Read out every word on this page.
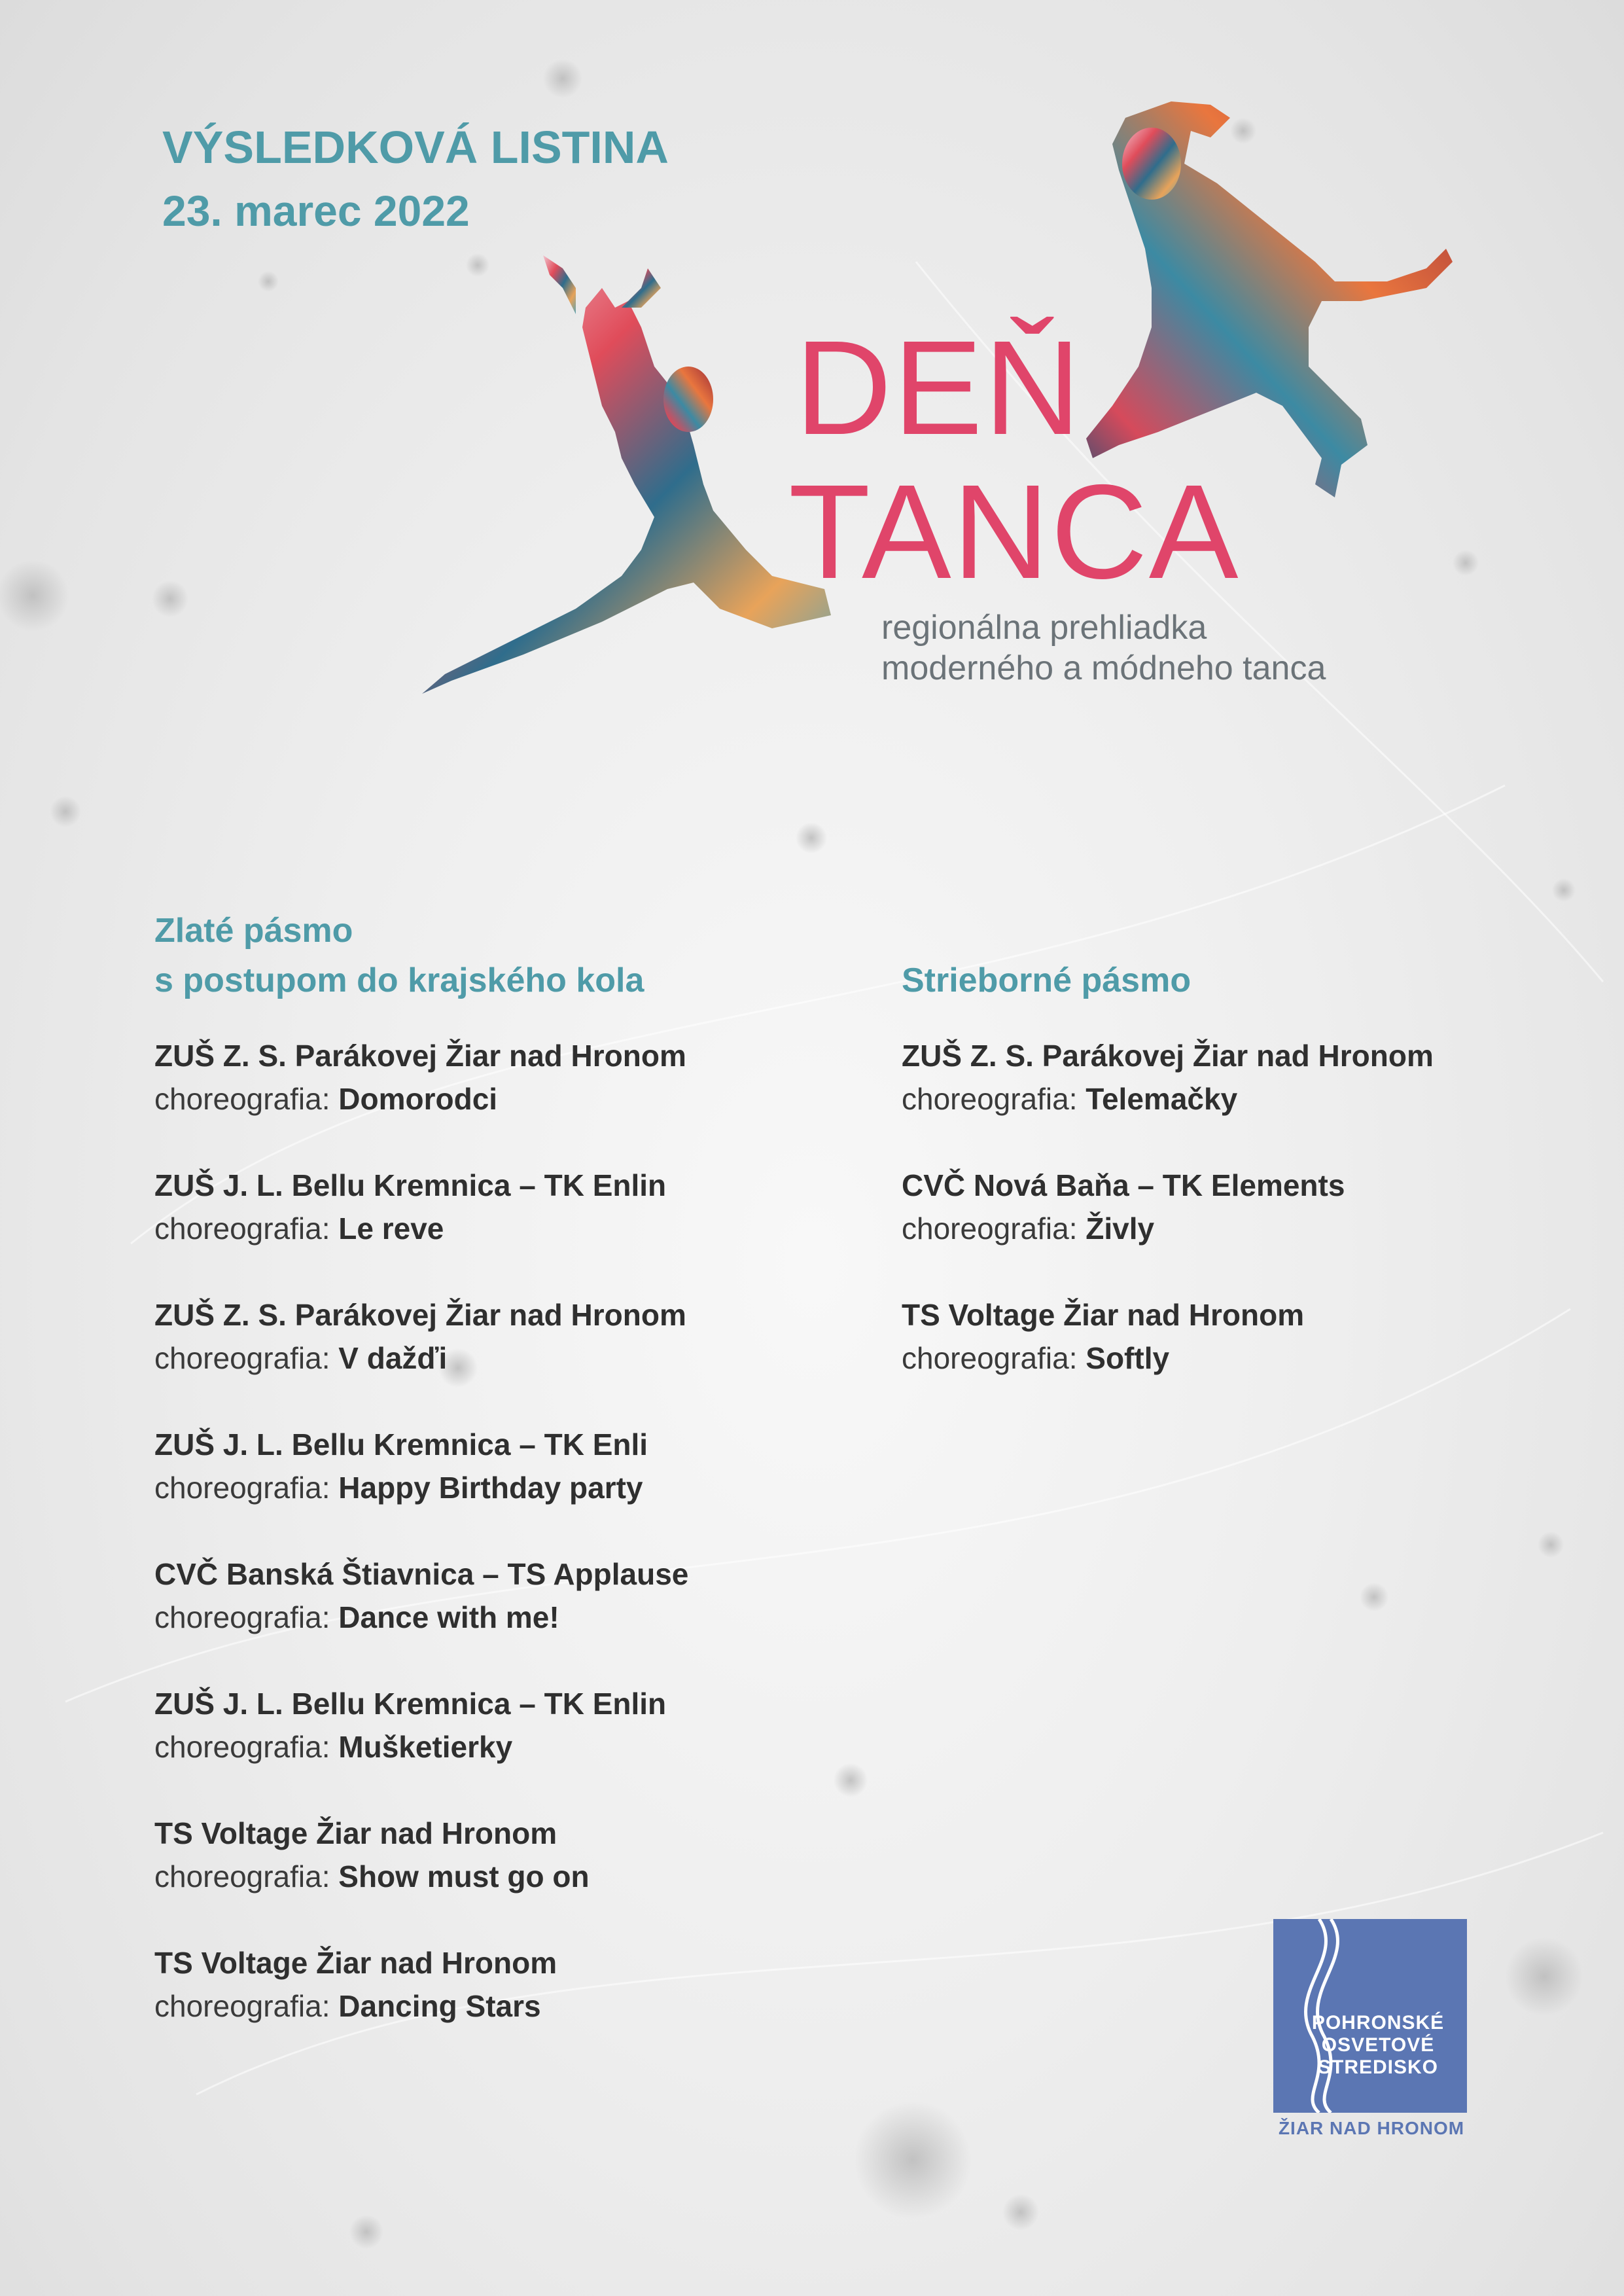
VÝSLEDKOVÁ LISTINA
23. marec 2022
DEŇ
TANCA
regionálna prehliadka
moderného a módneho tanca
Zlaté pásmo
s postupom do krajského kola
ZUŠ Z. S. Parákovej Žiar nad Hronom
choreografia: Domorodci
ZUŠ J. L. Bellu Kremnica – TK Enlin
choreografia: Le reve
ZUŠ Z. S. Parákovej Žiar nad Hronom
choreografia: V dažďi
ZUŠ J. L. Bellu Kremnica – TK Enli
choreografia: Happy Birthday party
CVČ Banská Štiavnica – TS Applause
choreografia: Dance with me!
ZUŠ J. L. Bellu Kremnica – TK Enlin
choreografia: Mušketierky
TS Voltage Žiar nad Hronom
choreografia: Show must go on
TS Voltage Žiar nad Hronom
choreografia: Dancing Stars
Strieborné pásmo
ZUŠ Z. S. Parákovej Žiar nad Hronom
choreografia: Telemačky
CVČ Nová Baňa – TK Elements
choreografia: Živly
TS Voltage Žiar nad Hronom
choreografia: Softly
POHRONSKÉ
OSVETOVÉ
STREDISKO
ŽIAR NAD HRONOM
